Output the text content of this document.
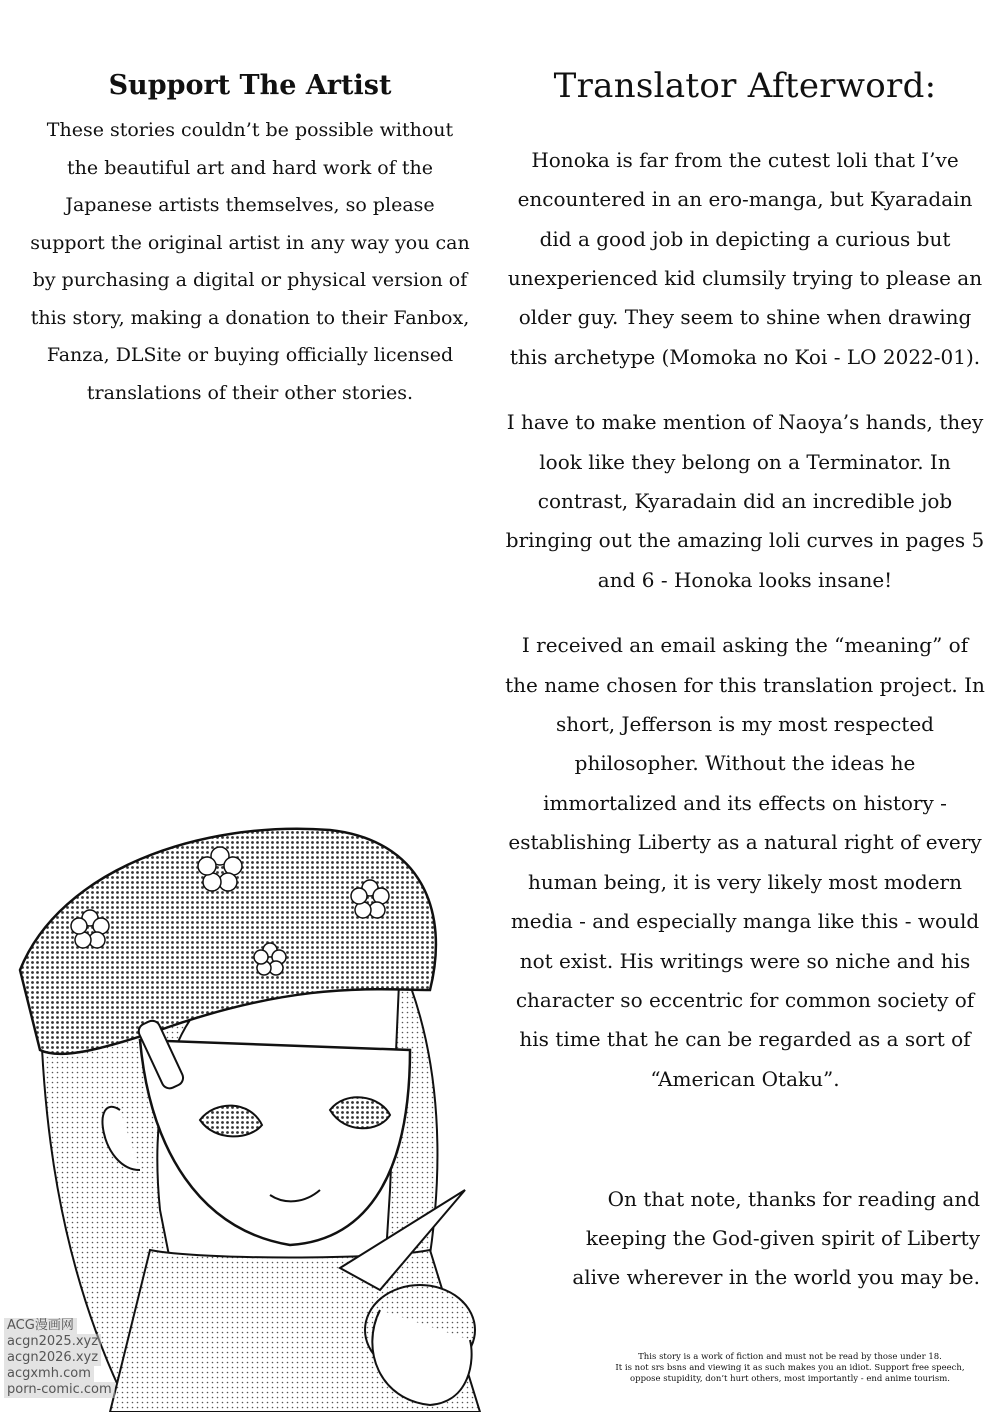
Support The Artist

These stories couldn’t be possible without the beautiful art and hard work of the Japanese artists themselves, so please support the original artist in any way you can by purchasing a digital or physical version of this story, making a donation to their Fanbox, Fanza, DLSite or buying officially licensed translations of their other stories.

Translator Afterword:

Honoka is far from the cutest loli that I’ve encountered in an ero-manga, but Kyaradain did a good job in depicting a curious but unexperienced kid clumsily trying to please an older guy. They seem to shine when drawing this archetype (Momoka no Koi - LO 2022-01).

I have to make mention of Naoya’s hands, they look like they belong on a Terminator. In contrast, Kyaradain did an incredible job bringing out the amazing loli curves in pages 5 and 6 - Honoka looks insane!

I received an email asking the “meaning” of the name chosen for this translation project. In short, Jefferson is my most respected philosopher. Without the ideas he immortalized and its effects on history - establishing Liberty as a natural right of every human being, it is very likely most modern media - and especially manga like this - would not exist. His writings were so niche and his character so eccentric for common society of his time that he can be regarded as a sort of “American Otaku”.

On that note, thanks for reading and keeping the God-given spirit of Liberty alive wherever in the world you may be.

This story is a work of fiction and must not be read by those under 18.
It is not srs bsns and viewing it as such makes you an idiot. Support free speech,
oppose stupidity, don’t hurt others, most importantly - end anime tourism.
ACG漫画网
acgn2025.xyz
acgn2026.xyz
acgxmh.com
porn-comic.com
